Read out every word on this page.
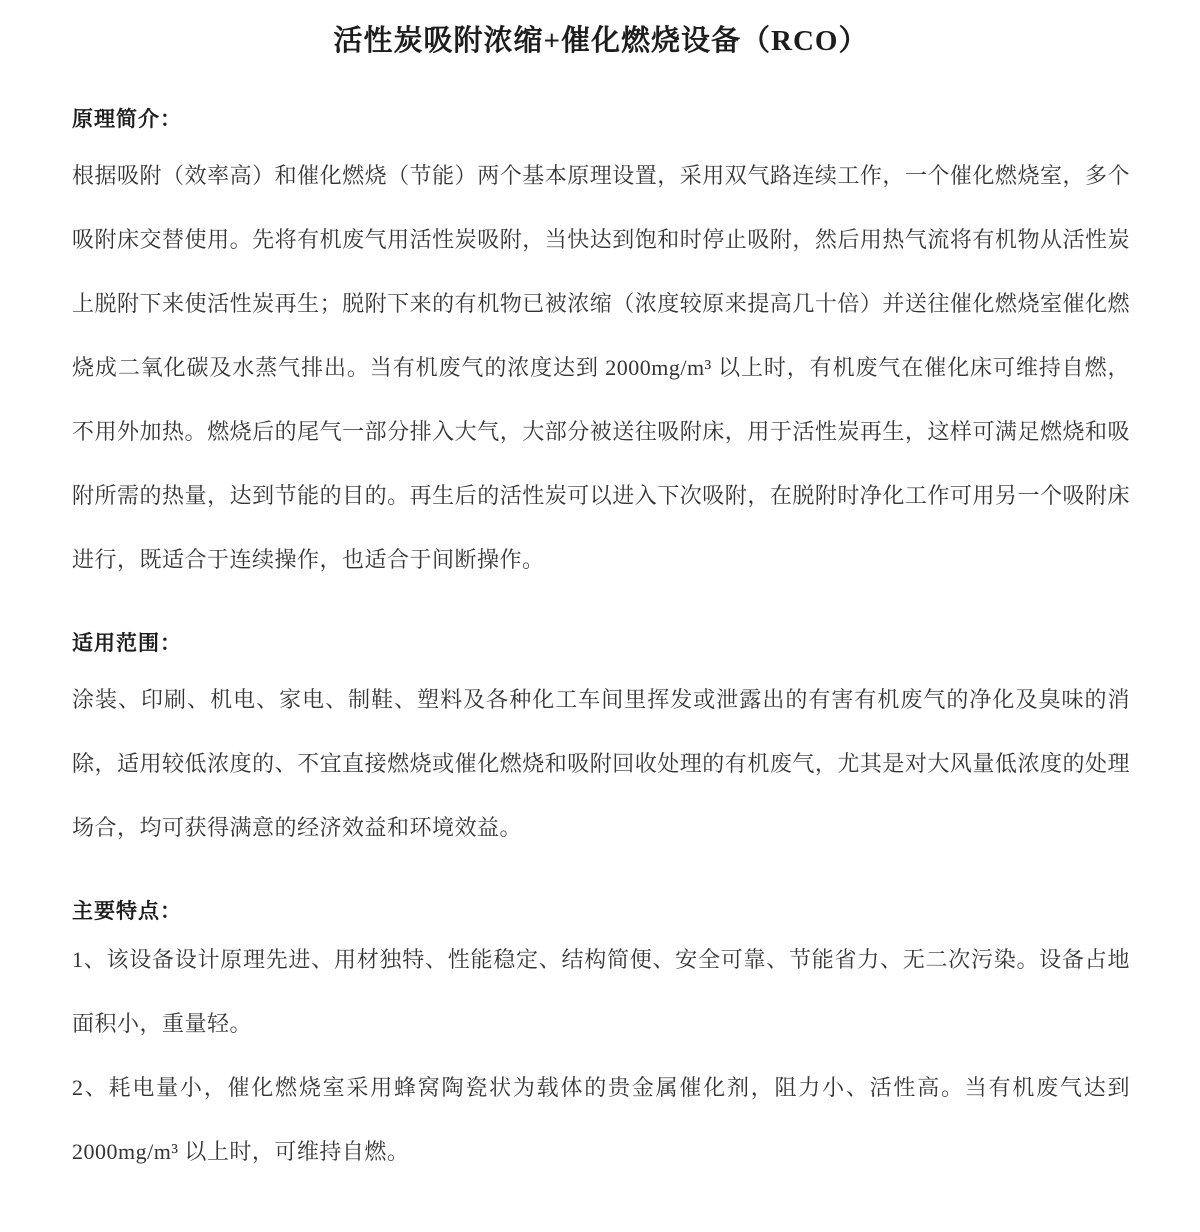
活性炭吸附浓缩+催化燃烧设备（RCO）
原理简介：

根据吸附（效率高）和催化燃烧（节能）两个基本原理设置，采用双气路连续工作，一个催化燃烧室，多个吸附床交替使用。先将有机废气用活性炭吸附，当快达到饱和时停止吸附，然后用热气流将有机物从活性炭上脱附下来使活性炭再生；脱附下来的有机物已被浓缩（浓度较原来提高几十倍）并送往催化燃烧室催化燃烧成二氧化碳及水蒸气排出。当有机废气的浓度达到 2000mg/m³ 以上时，有机废气在催化床可维持自燃，不用外加热。燃烧后的尾气一部分排入大气，大部分被送往吸附床，用于活性炭再生，这样可满足燃烧和吸附所需的热量，达到节能的目的。再生后的活性炭可以进入下次吸附，在脱附时净化工作可用另一个吸附床进行，既适合于连续操作，也适合于间断操作。

适用范围：

涂装、印刷、机电、家电、制鞋、塑料及各种化工车间里挥发或泄露出的有害有机废气的净化及臭味的消除，适用较低浓度的、不宜直接燃烧或催化燃烧和吸附回收处理的有机废气，尤其是对大风量低浓度的处理场合，均可获得满意的经济效益和环境效益。

主要特点：

1、该设备设计原理先进、用材独特、性能稳定、结构简便、安全可靠、节能省力、无二次污染。设备占地面积小，重量轻。

2、耗电量小，催化燃烧室采用蜂窝陶瓷状为载体的贵金属催化剂，阻力小、活性高。当有机废气达到 2000mg/m³ 以上时，可维持自燃。
